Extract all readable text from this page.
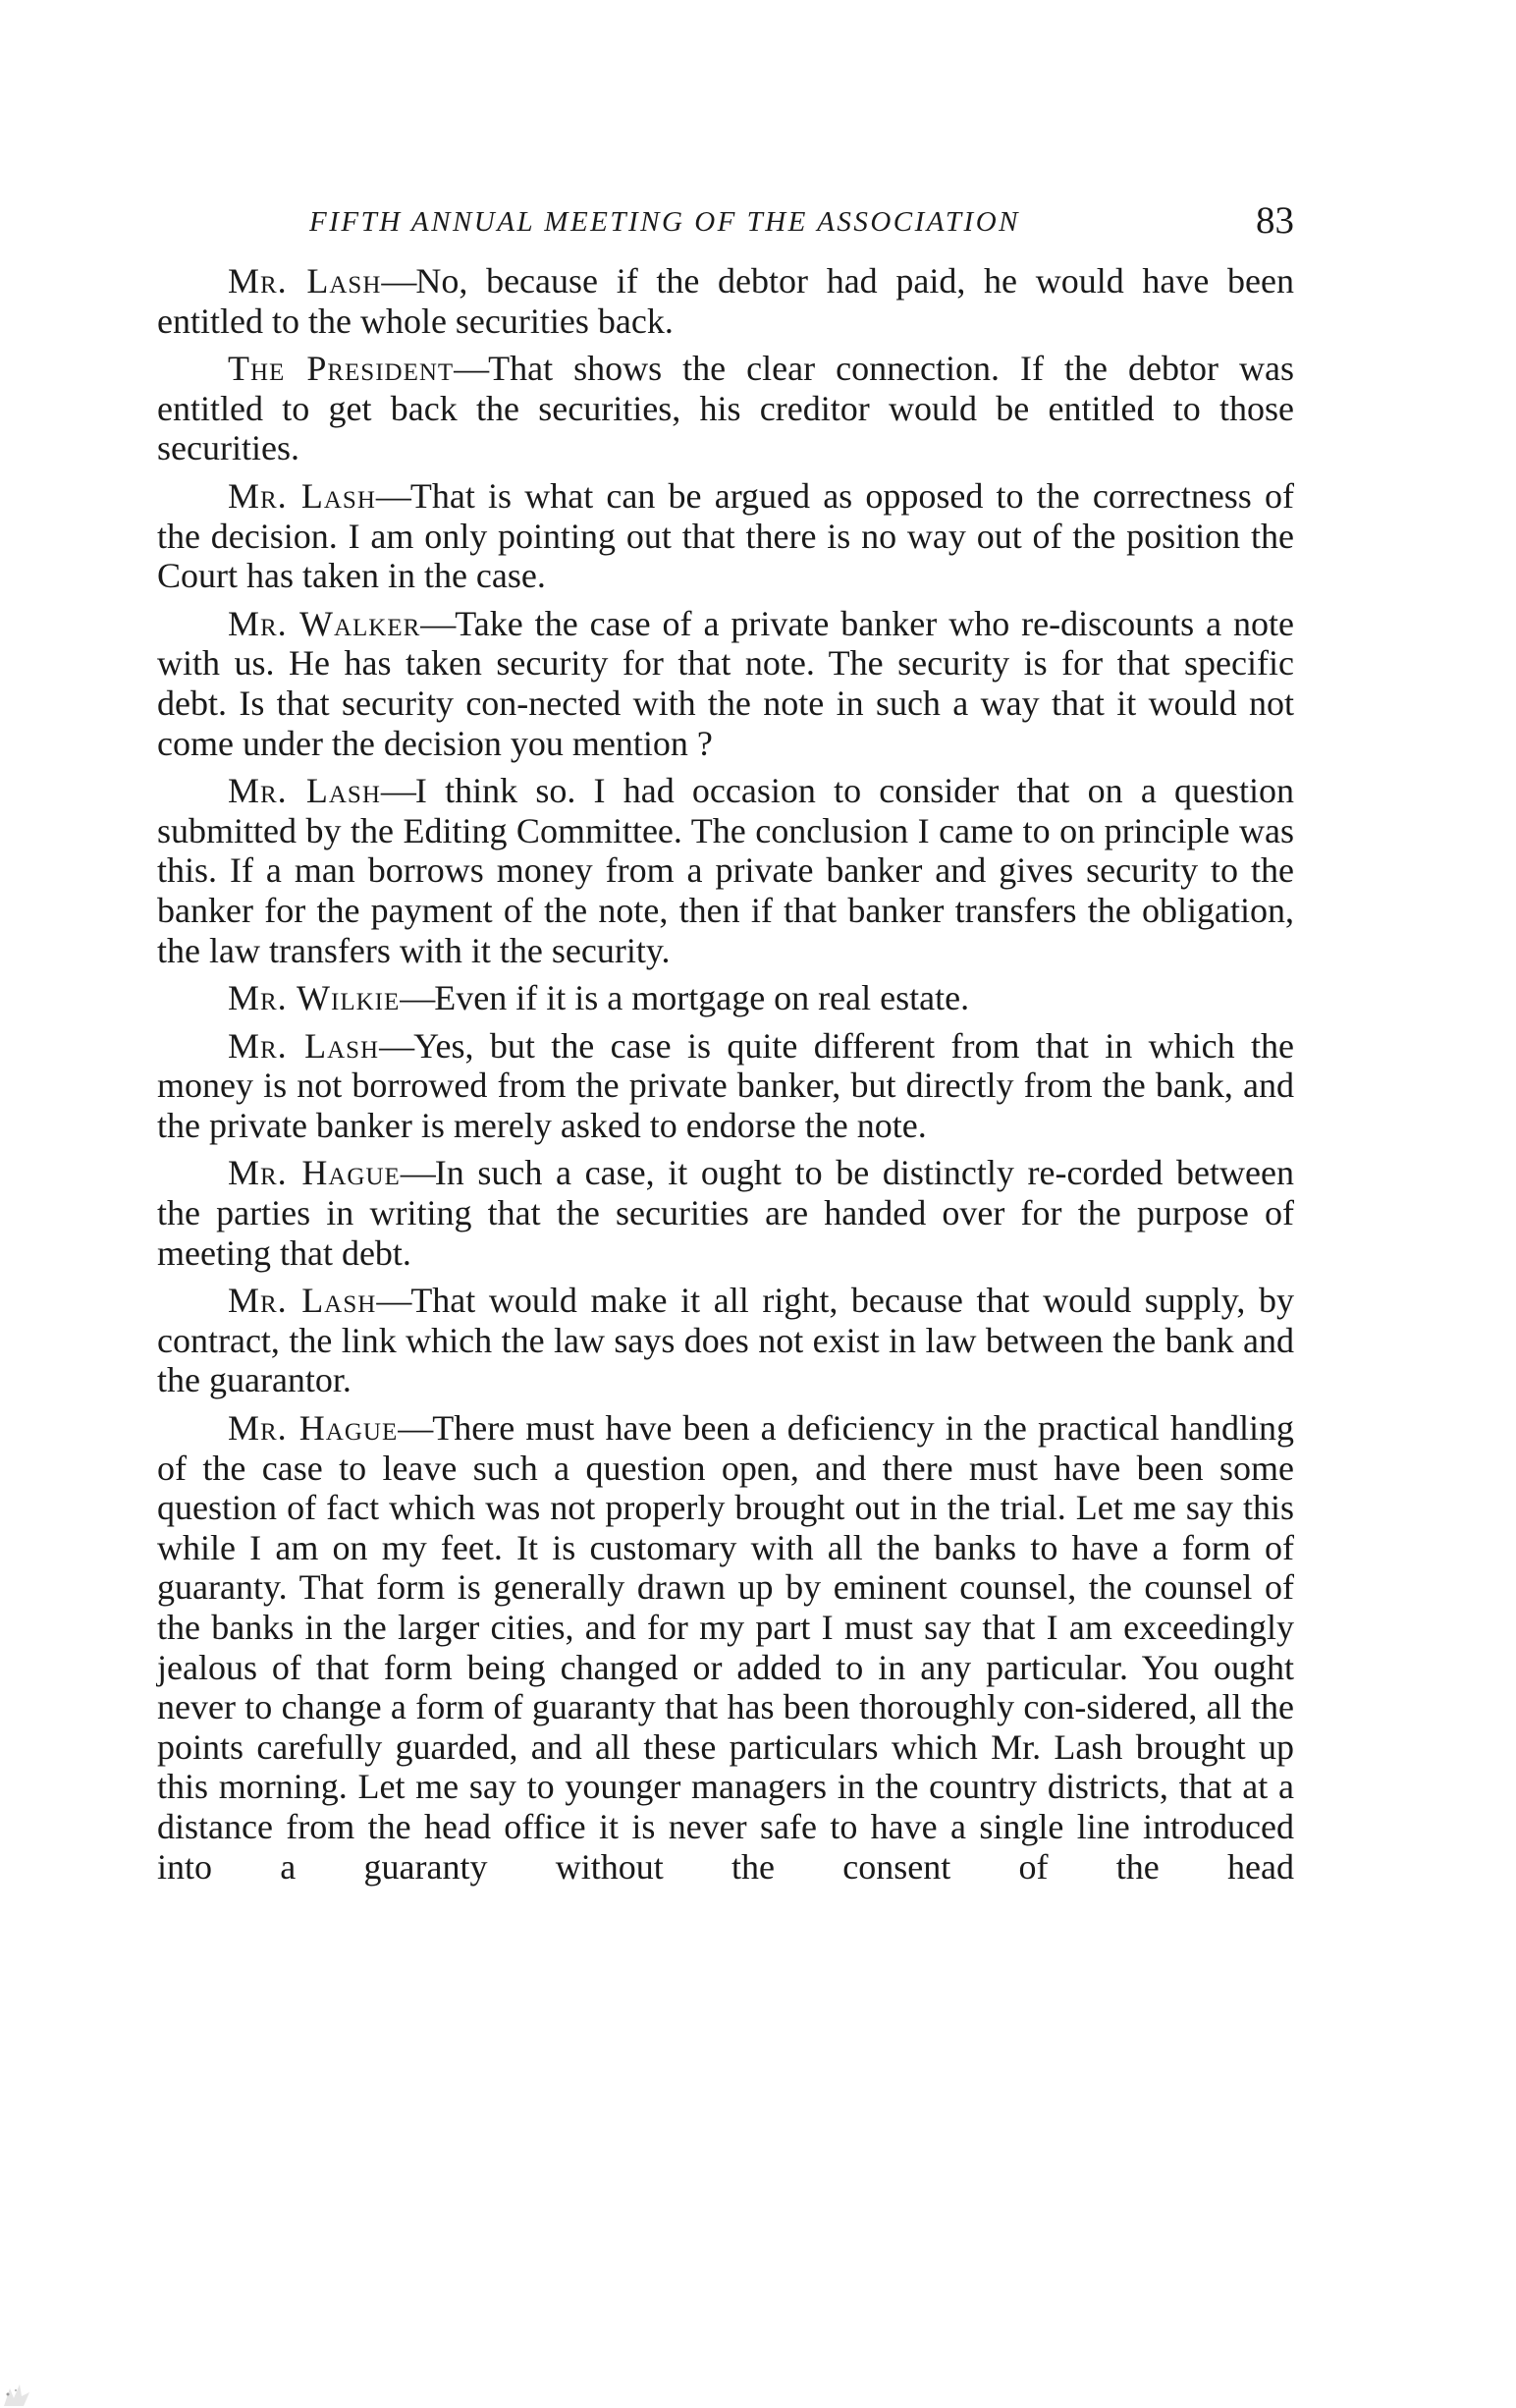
FIFTH ANNUAL MEETING OF THE ASSOCIATION	83

Mr. Lash—No, because if the debtor had paid, he would have been entitled to the whole securities back.

The President—That shows the clear connection. If the debtor was entitled to get back the securities, his creditor would be entitled to those securities.

Mr. Lash—That is what can be argued as opposed to the correctness of the decision. I am only pointing out that there is no way out of the position the Court has taken in the case.

Mr. Walker—Take the case of a private banker who re-discounts a note with us. He has taken security for that note. The security is for that specific debt. Is that security con-nected with the note in such a way that it would not come under the decision you mention ?

Mr. Lash—I think so. I had occasion to consider that on a question submitted by the Editing Committee. The conclusion I came to on principle was this. If a man borrows money from a private banker and gives security to the banker for the payment of the note, then if that banker transfers the obligation, the law transfers with it the security.

Mr. Wilkie—Even if it is a mortgage on real estate.

Mr. Lash—Yes, but the case is quite different from that in which the money is not borrowed from the private banker, but directly from the bank, and the private banker is merely asked to endorse the note.

Mr. Hague—In such a case, it ought to be distinctly re-corded between the parties in writing that the securities are handed over for the purpose of meeting that debt.

Mr. Lash—That would make it all right, because that would supply, by contract, the link which the law says does not exist in law between the bank and the guarantor.

Mr. Hague—There must have been a deficiency in the practical handling of the case to leave such a question open, and there must have been some question of fact which was not properly brought out in the trial. Let me say this while I am on my feet. It is customary with all the banks to have a form of guaranty. That form is generally drawn up by eminent counsel, the counsel of the banks in the larger cities, and for my part I must say that I am exceedingly jealous of that form being changed or added to in any particular. You ought never to change a form of guaranty that has been thoroughly con-sidered, all the points carefully guarded, and all these particulars which Mr. Lash brought up this morning. Let me say to younger managers in the country districts, that at a distance from the head office it is never safe to have a single line introduced into a guaranty without the consent of the head
